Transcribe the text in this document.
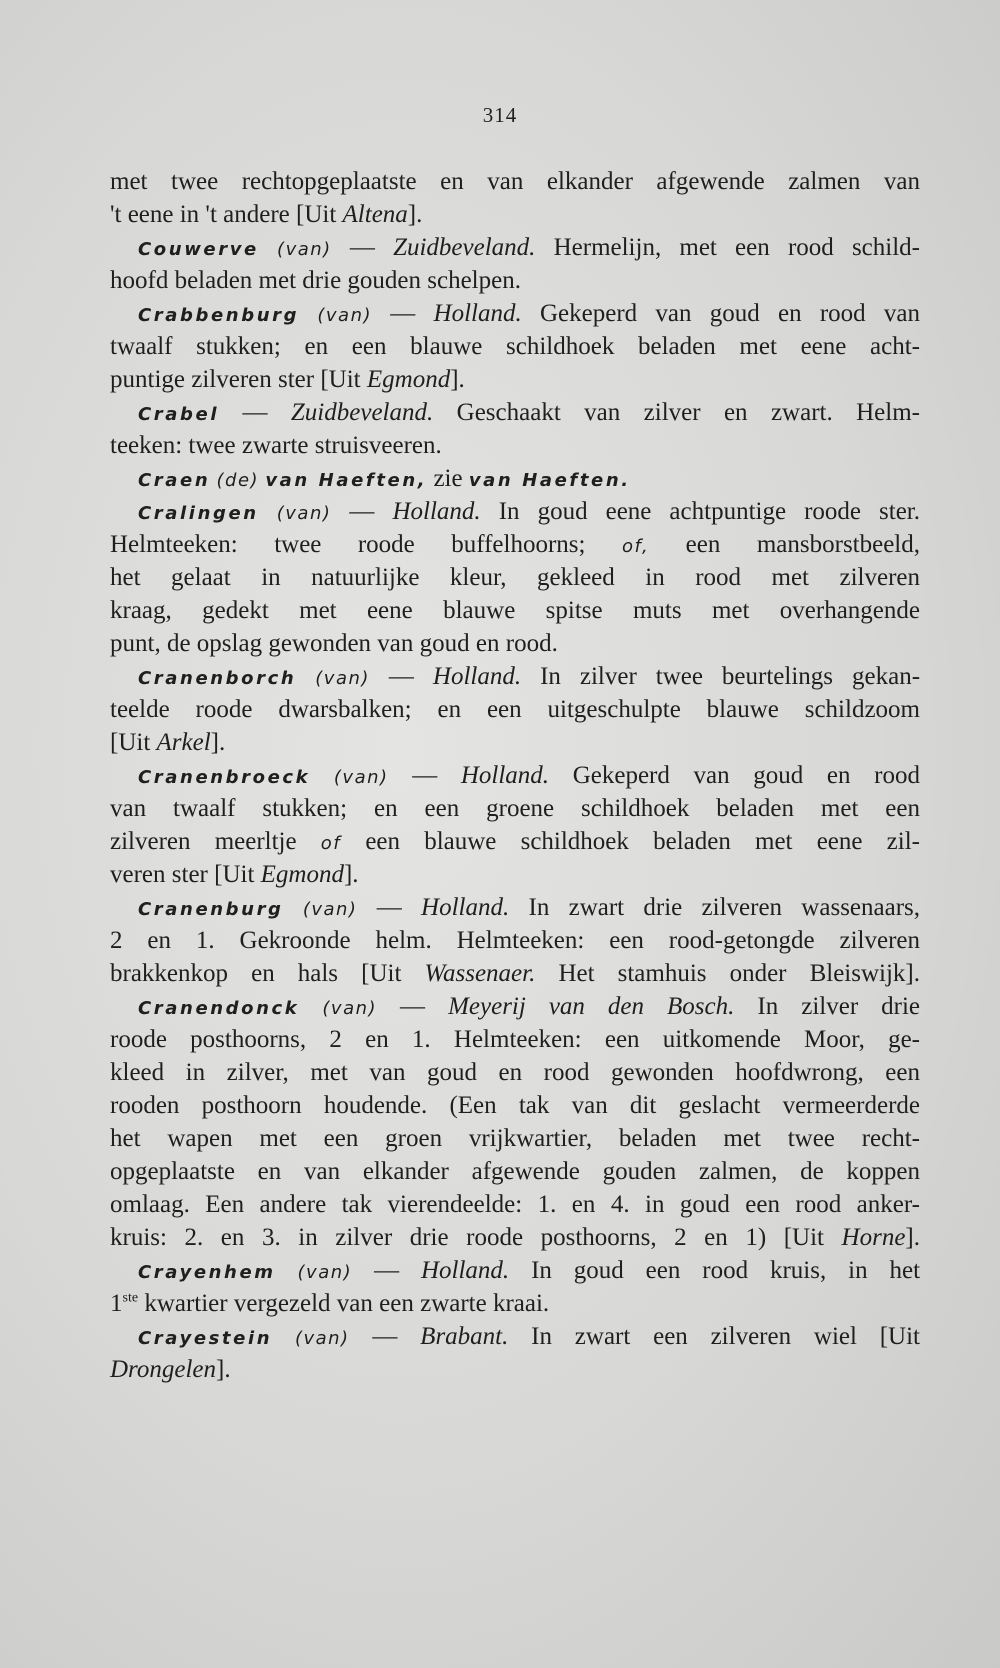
314
met twee rechtopgeplaatste en van elkander afgewende zalmen van
't eene in 't andere [Uit Altena].
Couwerve (van) — Zuidbeveland. Hermelijn, met een rood schild-
hoofd beladen met drie gouden schelpen.
Crabbenburg (van) — Holland. Gekeperd van goud en rood van
twaalf stukken; en een blauwe schildhoek beladen met eene acht-
puntige zilveren ster [Uit Egmond].
Crabel — Zuidbeveland. Geschaakt van zilver en zwart. Helm-
teeken: twee zwarte struisveeren.
Craen (de) van Haeften, zie van Haeften.
Cralingen (van) — Holland. In goud eene achtpuntige roode ster.
Helmteeken: twee roode buffelhoorns; of, een mansborstbeeld,
het gelaat in natuurlijke kleur, gekleed in rood met zilveren
kraag, gedekt met eene blauwe spitse muts met overhangende
punt, de opslag gewonden van goud en rood.
Cranenborch (van) — Holland. In zilver twee beurtelings gekan-
teelde roode dwarsbalken; en een uitgeschulpte blauwe schildzoom
[Uit Arkel].
Cranenbroeck (van) — Holland. Gekeperd van goud en rood
van twaalf stukken; en een groene schildhoek beladen met een
zilveren meerltje of een blauwe schildhoek beladen met eene zil-
veren ster [Uit Egmond].
Cranenburg (van) — Holland. In zwart drie zilveren wassenaars,
2 en 1. Gekroonde helm. Helmteeken: een rood-getongde zilveren
brakkenkop en hals [Uit Wassenaer. Het stamhuis onder Bleiswijk].
Cranendonck (van) — Meyerij van den Bosch. In zilver drie
roode posthoorns, 2 en 1. Helmteeken: een uitkomende Moor, ge-
kleed in zilver, met van goud en rood gewonden hoofdwrong, een
rooden posthoorn houdende. (Een tak van dit geslacht vermeerderde
het wapen met een groen vrijkwartier, beladen met twee recht-
opgeplaatste en van elkander afgewende gouden zalmen, de koppen
omlaag. Een andere tak vierendeelde: 1. en 4. in goud een rood anker-
kruis: 2. en 3. in zilver drie roode posthoorns, 2 en 1) [Uit Horne].
Crayenhem (van) — Holland. In goud een rood kruis, in het
1ste kwartier vergezeld van een zwarte kraai.
Crayestein (van) — Brabant. In zwart een zilveren wiel [Uit
Drongelen].
